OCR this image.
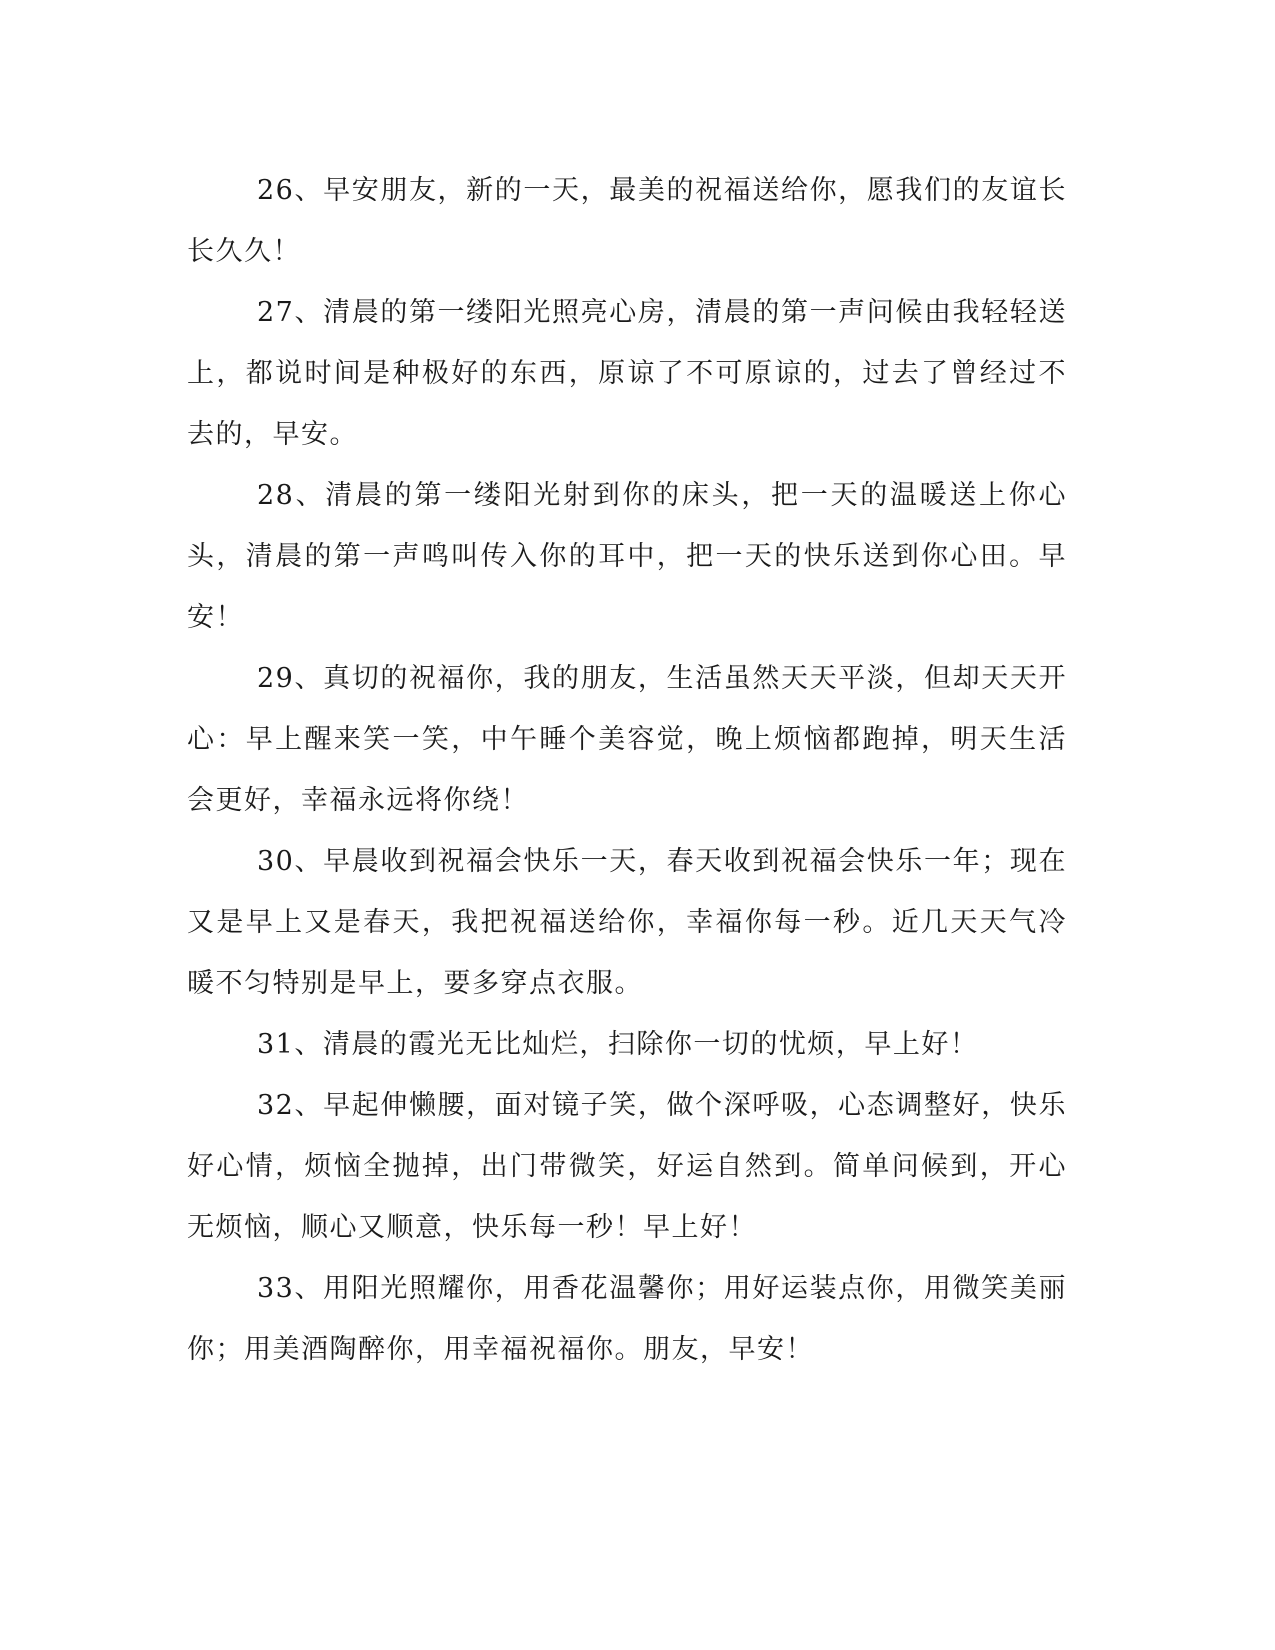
26、早安朋友，新的一天，最美的祝福送给你，愿我们的友谊长长久久！

27、清晨的第一缕阳光照亮心房，清晨的第一声问候由我轻轻送上，都说时间是种极好的东西，原谅了不可原谅的，过去了曾经过不去的，早安。

28、清晨的第一缕阳光射到你的床头，把一天的温暖送上你心头，清晨的第一声鸣叫传入你的耳中，把一天的快乐送到你心田。早安！

29、真切的祝福你，我的朋友，生活虽然天天平淡，但却天天开心：早上醒来笑一笑，中午睡个美容觉，晚上烦恼都跑掉，明天生活会更好，幸福永远将你绕！

30、早晨收到祝福会快乐一天，春天收到祝福会快乐一年；现在又是早上又是春天，我把祝福送给你，幸福你每一秒。近几天天气冷暖不匀特别是早上，要多穿点衣服。

31、清晨的霞光无比灿烂，扫除你一切的忧烦，早上好！

32、早起伸懒腰，面对镜子笑，做个深呼吸，心态调整好，快乐好心情，烦恼全抛掉，出门带微笑，好运自然到。简单问候到，开心无烦恼，顺心又顺意，快乐每一秒！早上好！

33、用阳光照耀你，用香花温馨你；用好运装点你，用微笑美丽你；用美酒陶醉你，用幸福祝福你。朋友，早安！
